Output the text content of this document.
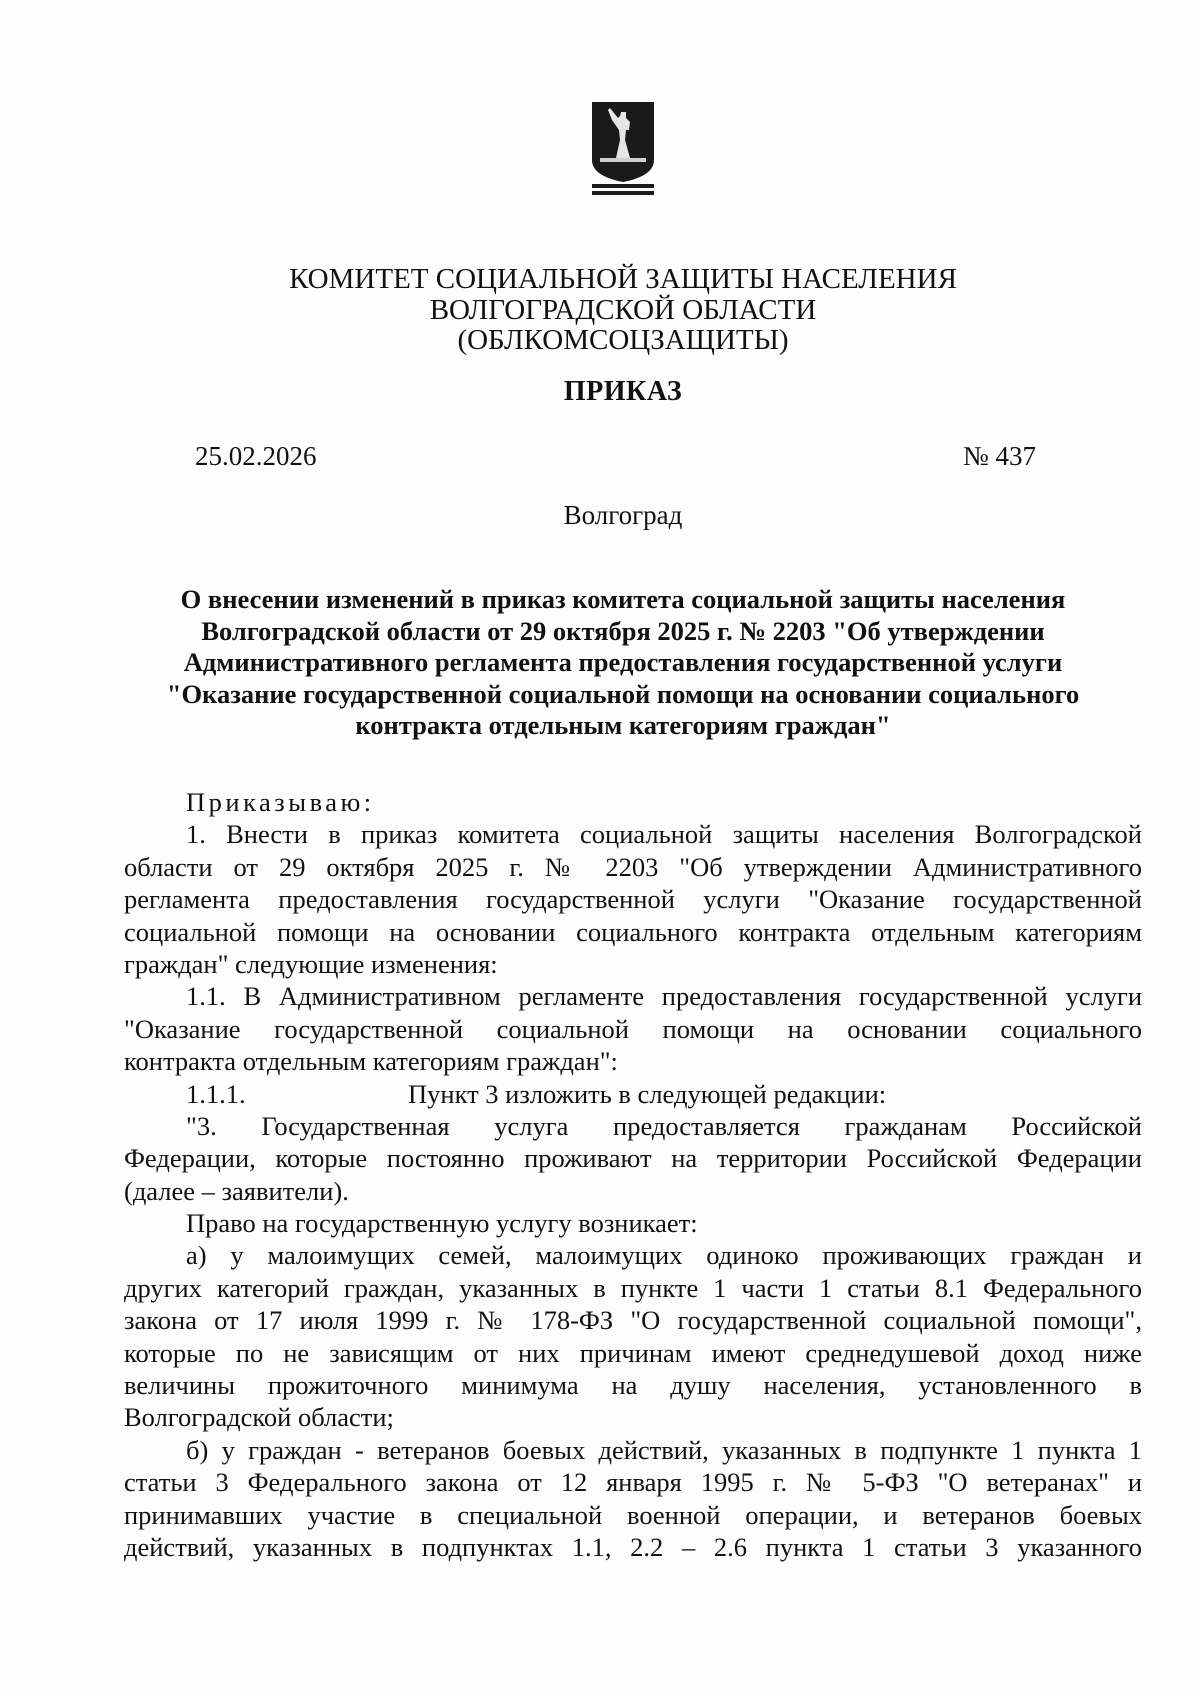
КОМИТЕТ СОЦИАЛЬНОЙ ЗАЩИТЫ НАСЕЛЕНИЯ
ВОЛГОГРАДСКОЙ ОБЛАСТИ
(ОБЛКОМСОЦЗАЩИТЫ)
ПРИКАЗ
25.02.2026	№ 437
Волгоград
О внесении изменений в приказ комитета социальной защиты населения
Волгоградской области от 29 октября 2025 г. № 2203 "Об утверждении
Административного регламента предоставления государственной услуги
"Оказание государственной социальной помощи на основании социального
контракта отдельным категориям граждан"
Приказываю:
1. Внести в приказ комитета социальной защиты населения Волгоградской
области от 29 октября 2025 г. № 2203 "Об утверждении Административного
регламента предоставления государственной услуги "Оказание государственной
социальной помощи на основании социального контракта отдельным категориям
граждан" следующие изменения:
1.1. В Административном регламенте предоставления государственной услуги
"Оказание государственной социальной помощи на основании социального
контракта отдельным категориям граждан":
1.1.1.	Пункт 3 изложить в следующей редакции:
"3. Государственная услуга предоставляется гражданам Российской
Федерации, которые постоянно проживают на территории Российской Федерации
(далее – заявители).
Право на государственную услугу возникает:
а) у малоимущих семей, малоимущих одиноко проживающих граждан и
других категорий граждан, указанных в пункте 1 части 1 статьи 8.1 Федерального
закона от 17 июля 1999 г. № 178-ФЗ "О государственной социальной помощи",
которые по не зависящим от них причинам имеют среднедушевой доход ниже
величины прожиточного минимума на душу населения, установленного в
Волгоградской области;
б) у граждан - ветеранов боевых действий, указанных в подпункте 1 пункта 1
статьи 3 Федерального закона от 12 января 1995 г. № 5-ФЗ "О ветеранах" и
принимавших участие в специальной военной операции, и ветеранов боевых
действий, указанных в подпунктах 1.1, 2.2 – 2.6 пункта 1 статьи 3 указанного
